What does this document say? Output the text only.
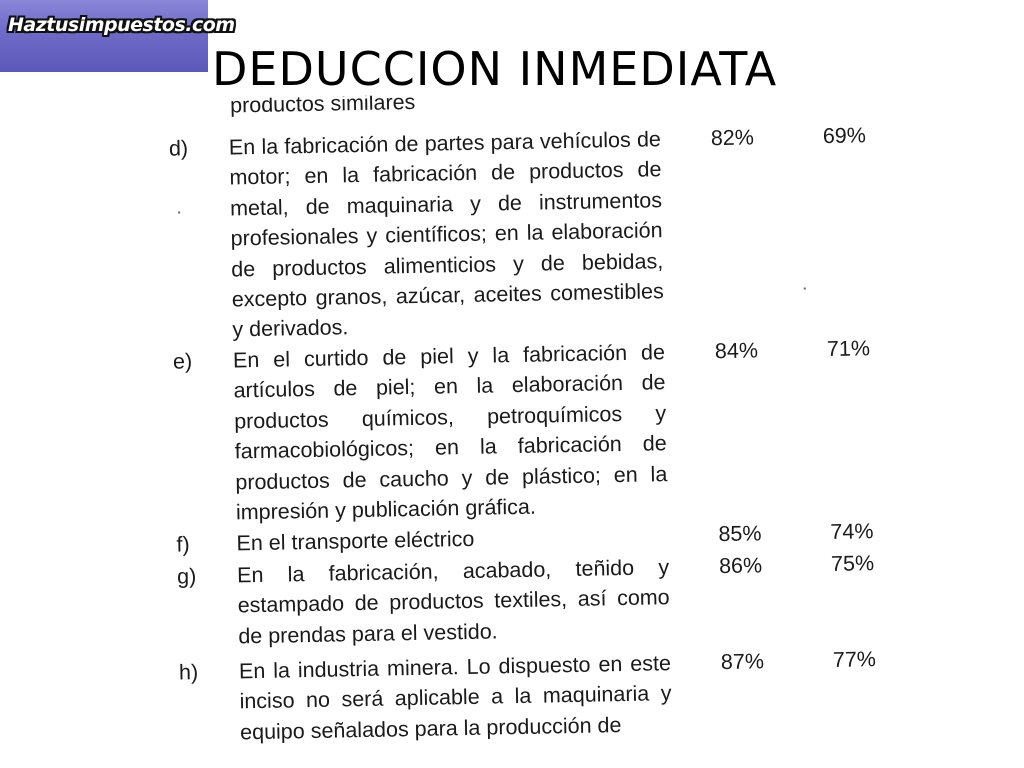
Haztusimpuestos.com
DEDUCCION INMEDIATA
productos similares
d) En la fabricación de partes para vehículos de motor; en la fabricación de productos de metal, de maquinaria y de instrumentos profesionales y científicos; en la elaboración de productos alimenticios y de bebidas, excepto granos, azúcar, aceites comestibles y derivados.
82%	69%
e) En el curtido de piel y la fabricación de artículos de piel; en la elaboración de productos químicos, petroquímicos y farmacobiológicos; en la fabricación de productos de caucho y de plástico; en la impresión y publicación gráfica.
84%	71%
f) En el transporte eléctrico	85%	74%
g) En la fabricación, acabado, teñido y estampado de productos textiles, así como de prendas para el vestido.
86%	75%
h) En la industria minera. Lo dispuesto en este inciso no será aplicable a la maquinaria y equipo señalados para la producción de
87%	77%
